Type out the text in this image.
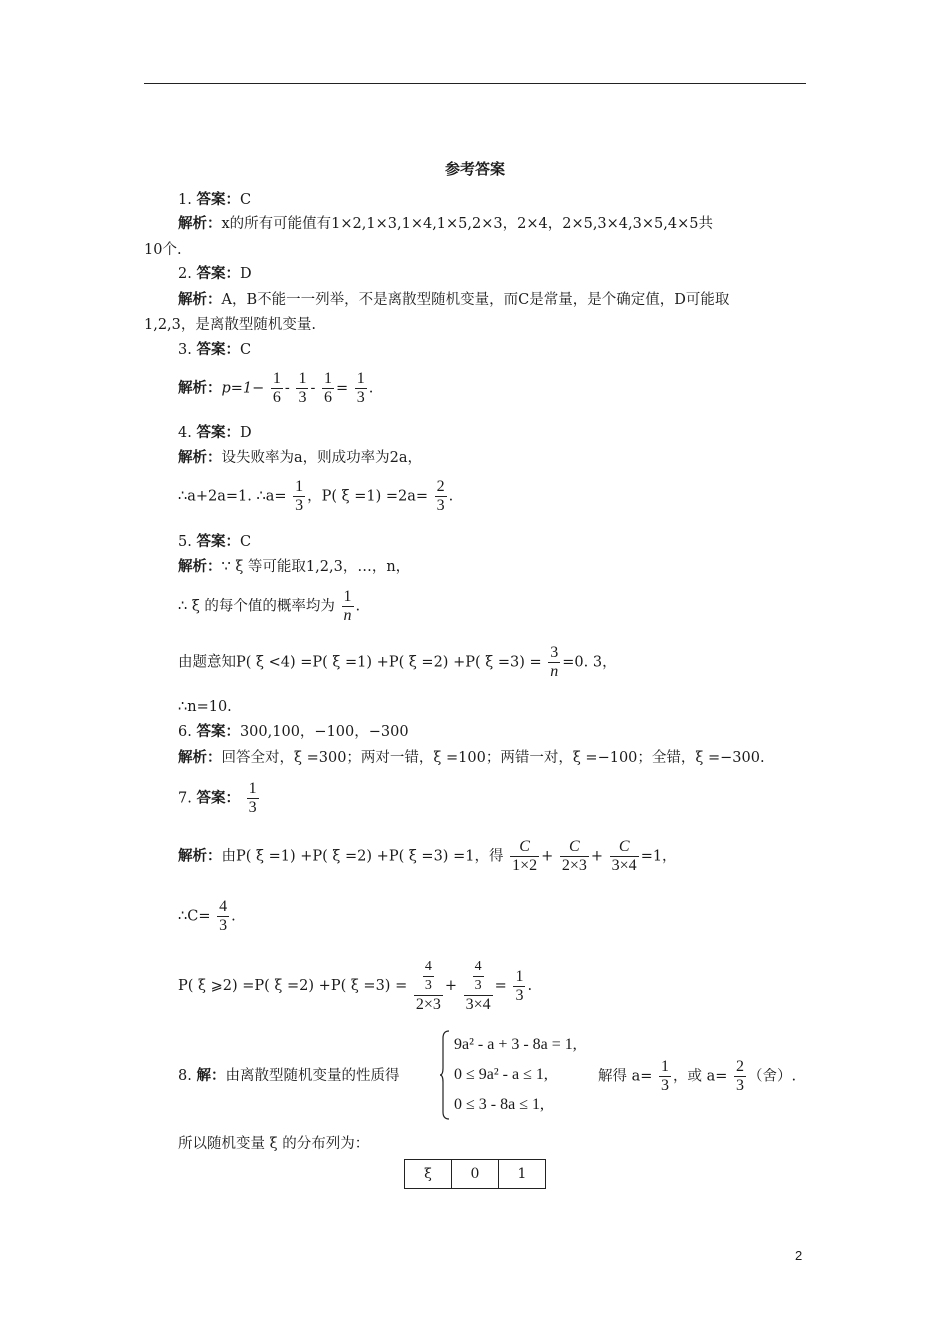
参考答案
1. 答案：C
解析：x的所有可能值有1×2,1×3,1×4,1×5,2×3，2×4，2×5,3×4,3×5,4×5共
10个.
2. 答案：D
解析：A，B不能一一列举，不是离散型随机变量，而C是常量，是个确定值，D可能取
1,2,3，是离散型随机变量.
3. 答案：C
解析：$p=1- \frac{1}{6} - \frac{1}{3} - \frac{1}{6} = \frac{1}{3}$ .
4. 答案：D
解析：设失败率为a，则成功率为2a，
∴a+2a=1. ∴a= $\frac{1}{3}$ ，P( $\xi =1) =2a= \frac{2}{3}$ .
5. 答案：C
解析：∵ ξ 等可能取1,2,3，…，n，
∴ ξ 的每个值的概率均为 $\frac{1}{n}$ .
由题意知P( ξ <4) =P( ξ =1) +P( ξ =2) +P( $\xi =3) = \frac{3}{n} =0$. 3，
∴n=10.
6. 答案：300,100，−100，−300
解析：回答全对，ξ =300；两对一错，ξ =100；两错一对，ξ =−100；全错，ξ =−300.
7. 答案： $\frac{1}{3}$
解析：由P( ξ =1) +P( ξ =2) +P( ξ =3) =1，得 $\frac{C}{1\times 2} + \frac{C}{2\times 3} + \frac{C}{3\times 4} =1$，
∴C= $\frac{4}{3}$ .
P( ξ ⩾2) =P( ξ =2) +P( $\xi =3) = \frac{\frac{4}{3}}{2\times 3} + \frac{\frac{4}{3}}{3\times 4} = \frac{1}{3}$ .
8. 解：由离散型随机变量的性质得
9a² - a + 3 - 8a = 1,
0 ≤ 9a² - a ≤ 1,
0 ≤ 3 - 8a ≤ 1,
解得 $a= \frac{1}{3}$ ，或 $a= \frac{2}{3}$ （舍）.
所以随机变量 ξ 的分布列为：
ξ	0	1
2
